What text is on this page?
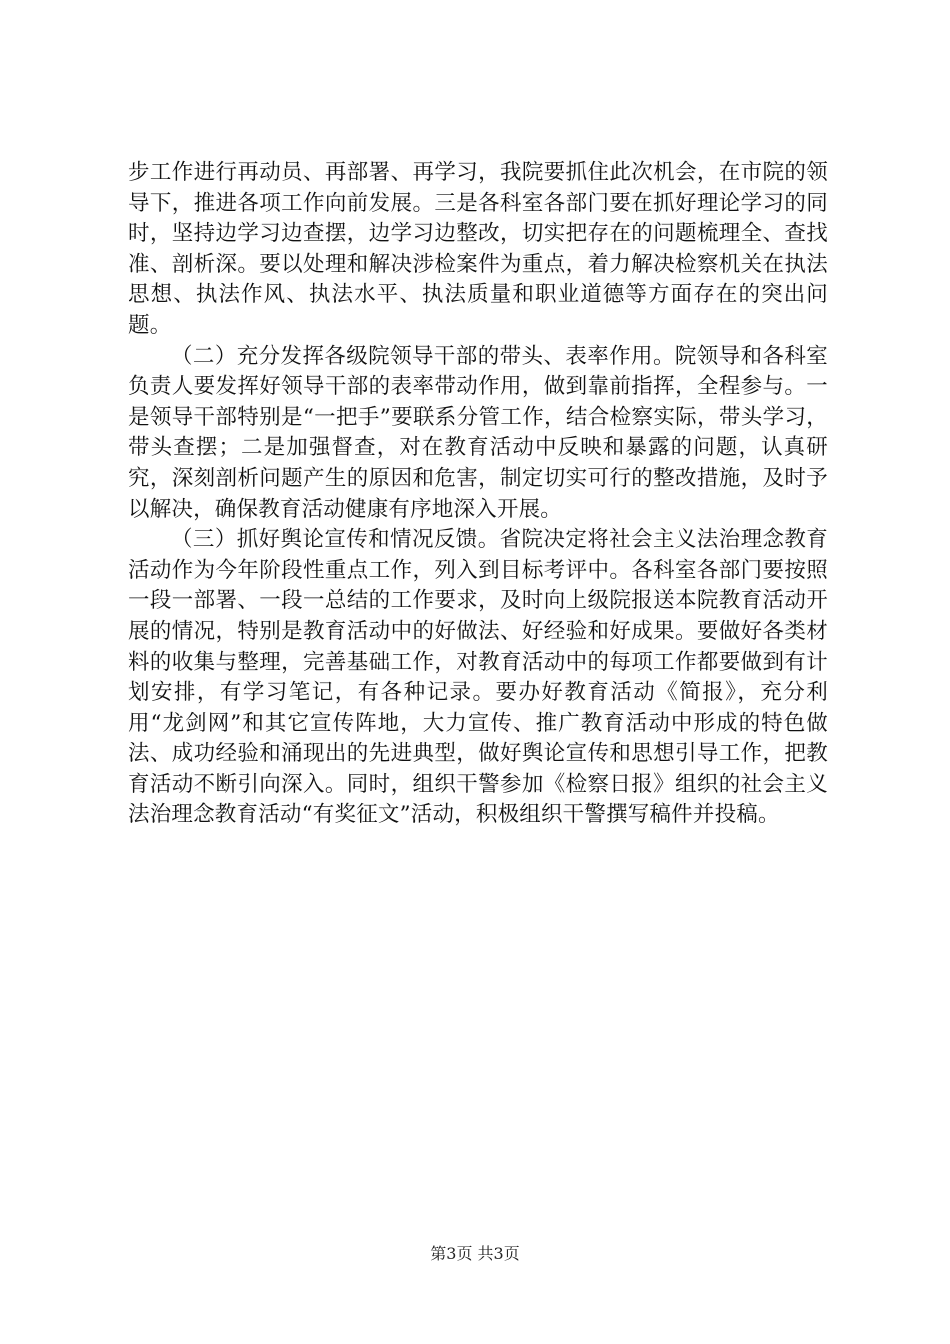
步工作进行再动员、再部署、再学习，我院要抓住此次机会，在市院的领导下，推进各项工作向前发展。三是各科室各部门要在抓好理论学习的同时，坚持边学习边查摆，边学习边整改，切实把存在的问题梳理全、查找准、剖析深。要以处理和解决涉检案件为重点，着力解决检察机关在执法思想、执法作风、执法水平、执法质量和职业道德等方面存在的突出问题。

（二）充分发挥各级院领导干部的带头、表率作用。院领导和各科室负责人要发挥好领导干部的表率带动作用，做到靠前指挥，全程参与。一是领导干部特别是“一把手”要联系分管工作，结合检察实际，带头学习，带头查摆；二是加强督查，对在教育活动中反映和暴露的问题，认真研究，深刻剖析问题产生的原因和危害，制定切实可行的整改措施，及时予以解决，确保教育活动健康有序地深入开展。

（三）抓好舆论宣传和情况反馈。省院决定将社会主义法治理念教育活动作为今年阶段性重点工作，列入到目标考评中。各科室各部门要按照一段一部署、一段一总结的工作要求，及时向上级院报送本院教育活动开展的情况，特别是教育活动中的好做法、好经验和好成果。要做好各类材料的收集与整理，完善基础工作，对教育活动中的每项工作都要做到有计划安排，有学习笔记，有各种记录。要办好教育活动《简报》，充分利用“龙剑网”和其它宣传阵地，大力宣传、推广教育活动中形成的特色做法、成功经验和涌现出的先进典型，做好舆论宣传和思想引导工作，把教育活动不断引向深入。同时，组织干警参加《检察日报》组织的社会主义法治理念教育活动“有奖征文”活动，积极组织干警撰写稿件并投稿。

第3页 共3页
